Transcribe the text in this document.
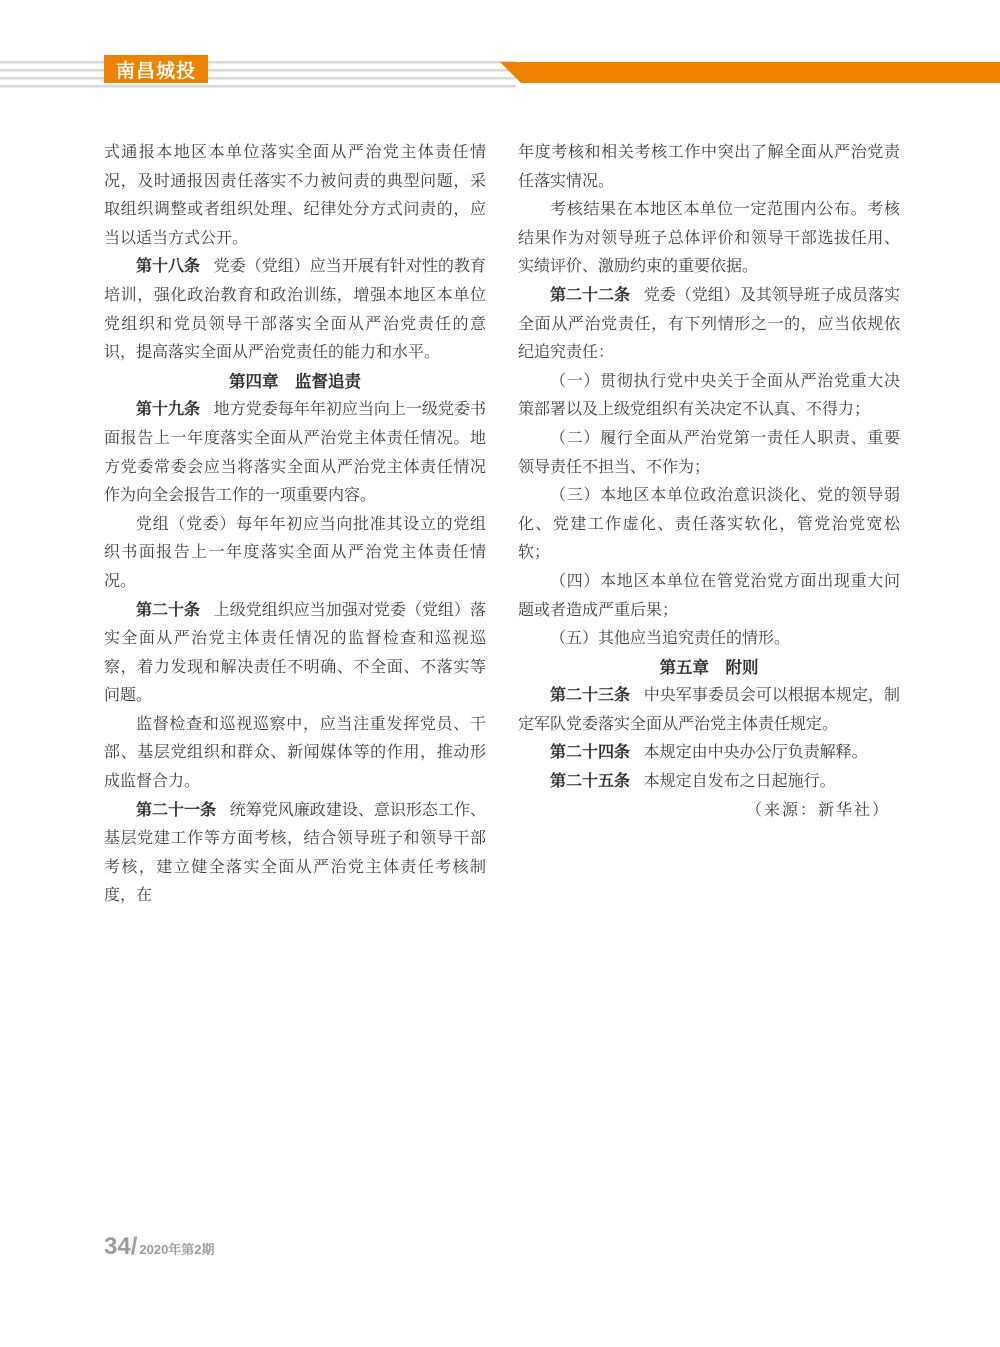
南昌城投

式通报本地区本单位落实全面从严治党主体责任情况，及时通报因责任落实不力被问责的典型问题，采取组织调整或者组织处理、纪律处分方式问责的，应当以适当方式公开。

第十八条 党委（党组）应当开展有针对性的教育培训，强化政治教育和政治训练，增强本地区本单位党组织和党员领导干部落实全面从严治党责任的意识，提高落实全面从严治党责任的能力和水平。

第四章　监督追责

第十九条 地方党委每年年初应当向上一级党委书面报告上一年度落实全面从严治党主体责任情况。地方党委常委会应当将落实全面从严治党主体责任情况作为向全会报告工作的一项重要内容。

党组（党委）每年年初应当向批准其设立的党组织书面报告上一年度落实全面从严治党主体责任情况。

第二十条 上级党组织应当加强对党委（党组）落实全面从严治党主体责任情况的监督检查和巡视巡察，着力发现和解决责任不明确、不全面、不落实等问题。

监督检查和巡视巡察中，应当注重发挥党员、干部、基层党组织和群众、新闻媒体等的作用，推动形成监督合力。

第二十一条 统筹党风廉政建设、意识形态工作、基层党建工作等方面考核，结合领导班子和领导干部考核，建立健全落实全面从严治党主体责任考核制度，在

年度考核和相关考核工作中突出了解全面从严治党责任落实情况。

考核结果在本地区本单位一定范围内公布。考核结果作为对领导班子总体评价和领导干部选拔任用、实绩评价、激励约束的重要依据。

第二十二条 党委（党组）及其领导班子成员落实全面从严治党责任，有下列情形之一的，应当依规依纪追究责任：

（一）贯彻执行党中央关于全面从严治党重大决策部署以及上级党组织有关决定不认真、不得力；

（二）履行全面从严治党第一责任人职责、重要领导责任不担当、不作为；

（三）本地区本单位政治意识淡化、党的领导弱化、党建工作虚化、责任落实软化，管党治党宽松软；

（四）本地区本单位在管党治党方面出现重大问题或者造成严重后果；

（五）其他应当追究责任的情形。

第五章　附则

第二十三条 中央军事委员会可以根据本规定，制定军队党委落实全面从严治党主体责任规定。

第二十四条 本规定由中央办公厅负责解释。

第二十五条 本规定自发布之日起施行。

（来源：新华社）

34/ 2020年第2期
